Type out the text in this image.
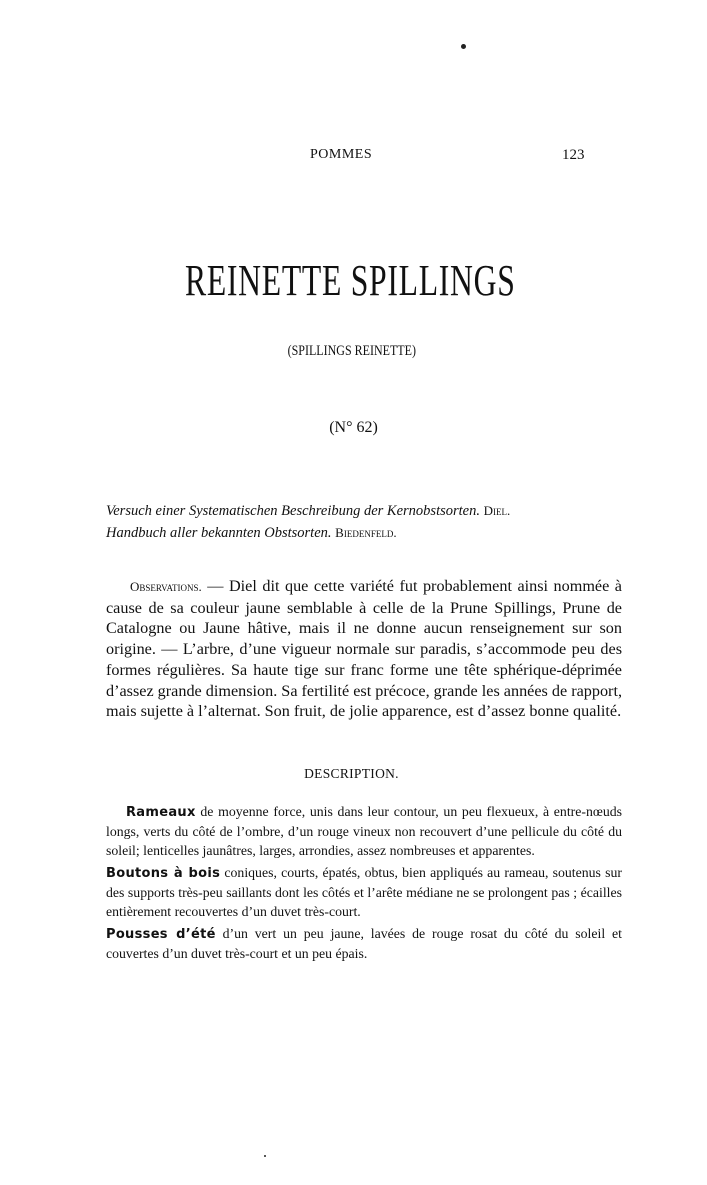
POMMES	123
REINETTE SPILLINGS
(SPILLINGS REINETTE)
(N° 62)
Versuch einer Systematischen Beschreibung der Kernobstsorten. Diel.
Handbuch aller bekannten Obstsorten. Biedenfeld.
Observations. — Diel dit que cette variété fut probablement ainsi nommée à cause de sa couleur jaune semblable à celle de la Prune Spillings, Prune de Catalogne ou Jaune hâtive, mais il ne donne aucun renseignement sur son origine. — L’arbre, d’une vigueur normale sur paradis, s’accommode peu des formes régulières. Sa haute tige sur franc forme une tête sphérique-déprimée d’assez grande dimension. Sa fertilité est précoce, grande les années de rapport, mais sujette à l’alternat. Son fruit, de jolie apparence, est d’assez bonne qualité.
DESCRIPTION.

Rameaux de moyenne force, unis dans leur contour, un peu flexueux, à entre-nœuds longs, verts du côté de l’ombre, d’un rouge vineux non recouvert d’une pellicule du côté du soleil; lenticelles jaunâtres, larges, arrondies, assez nombreuses et apparentes.

Boutons à bois coniques, courts, épatés, obtus, bien appliqués au rameau, soutenus sur des supports très-peu saillants dont les côtés et l’arête médiane ne se prolongent pas ; écailles entièrement recouvertes d’un duvet très-court.

Pousses d’été d’un vert un peu jaune, lavées de rouge rosat du côté du soleil et couvertes d’un duvet très-court et un peu épais.
